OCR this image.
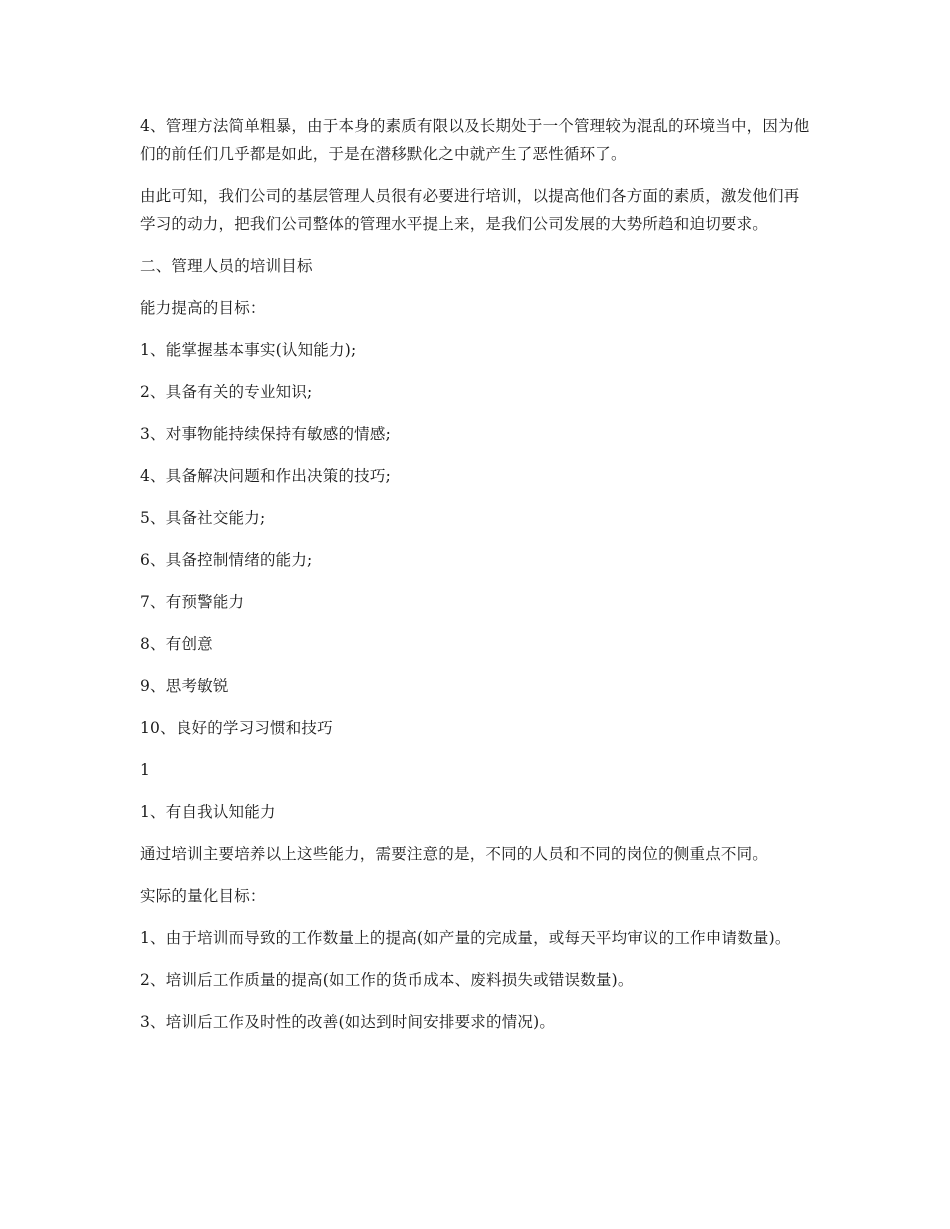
4、管理方法简单粗暴，由于本身的素质有限以及长期处于一个管理较为混乱的环境当中，因为他们的前任们几乎都是如此，于是在潜移默化之中就产生了恶性循环了。

由此可知，我们公司的基层管理人员很有必要进行培训，以提高他们各方面的素质，激发他们再学习的动力，把我们公司整体的管理水平提上来，是我们公司发展的大势所趋和迫切要求。

二、管理人员的培训目标

能力提高的目标：

1、能掌握基本事实(认知能力);

2、具备有关的专业知识;

3、对事物能持续保持有敏感的情感;

4、具备解决问题和作出决策的技巧;

5、具备社交能力;

6、具备控制情绪的能力;

7、有预警能力

8、有创意

9、思考敏锐

10、良好的学习习惯和技巧

1

1、有自我认知能力

通过培训主要培养以上这些能力，需要注意的是，不同的人员和不同的岗位的侧重点不同。

实际的量化目标：

1、由于培训而导致的工作数量上的提高(如产量的完成量，或每天平均审议的工作申请数量)。

2、培训后工作质量的提高(如工作的货币成本、废料损失或错误数量)。

3、培训后工作及时性的改善(如达到时间安排要求的情况)。
